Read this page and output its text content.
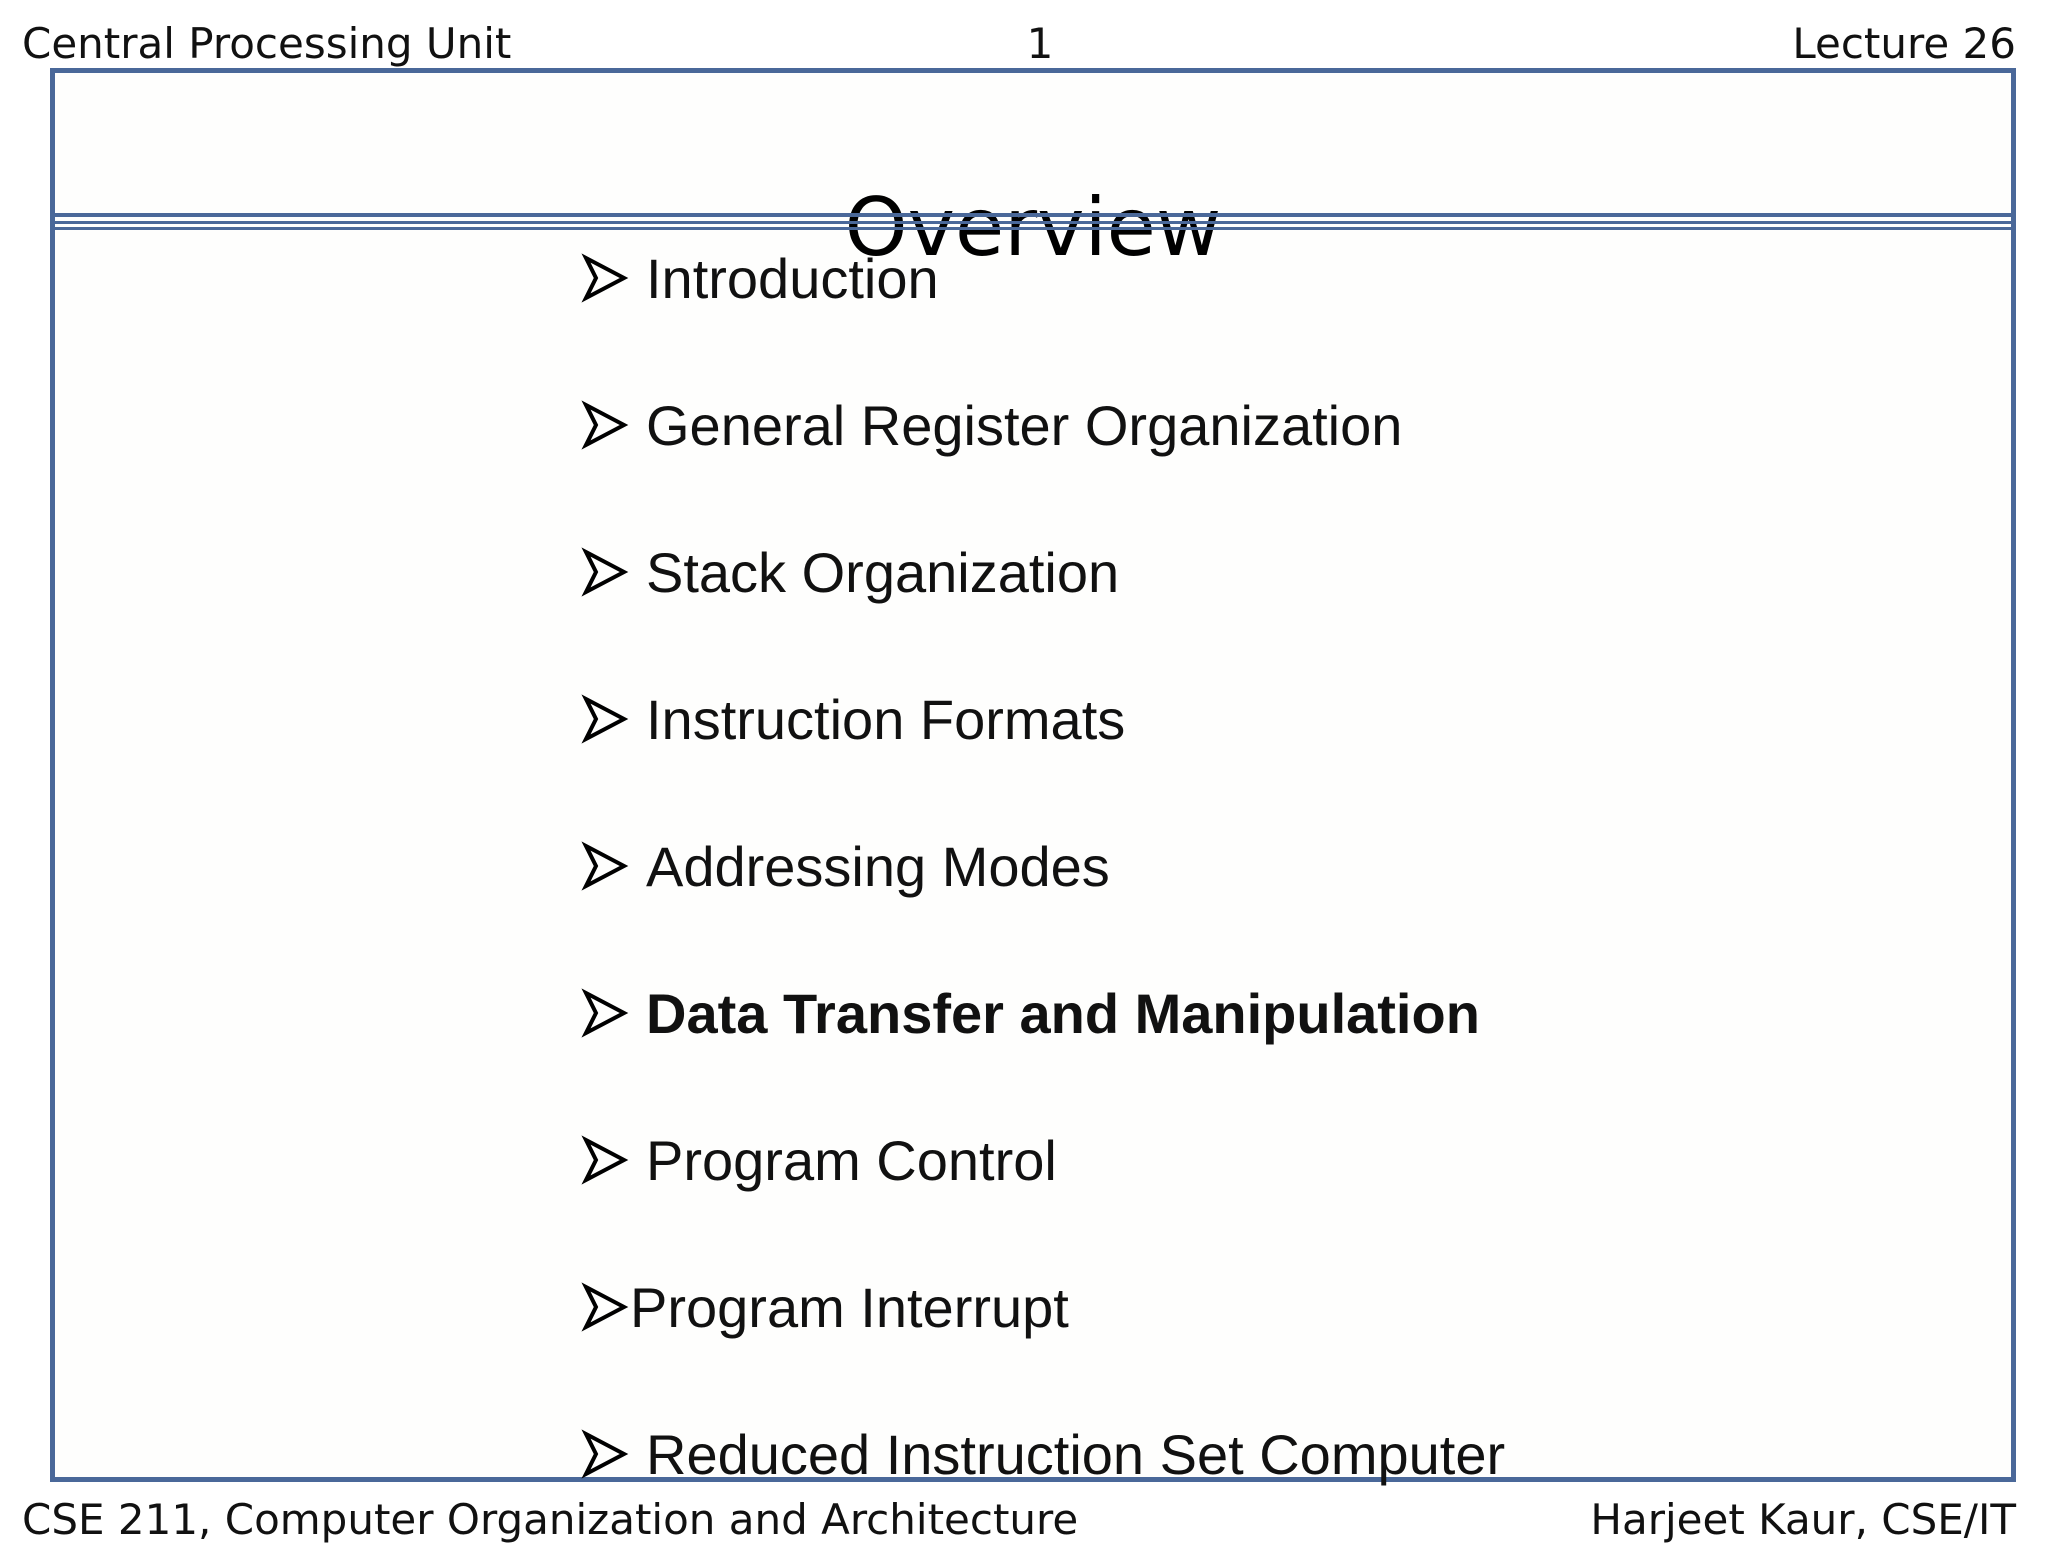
Central Processing Unit	1	Lecture 26
Introduction
General Register Organization
Stack Organization
Instruction Formats
Addressing Modes
Data Transfer and Manipulation
Program Control
Program Interrupt
Reduced Instruction Set Computer
CSE 211, Computer Organization and Architecture	Harjeet Kaur, CSE/IT
